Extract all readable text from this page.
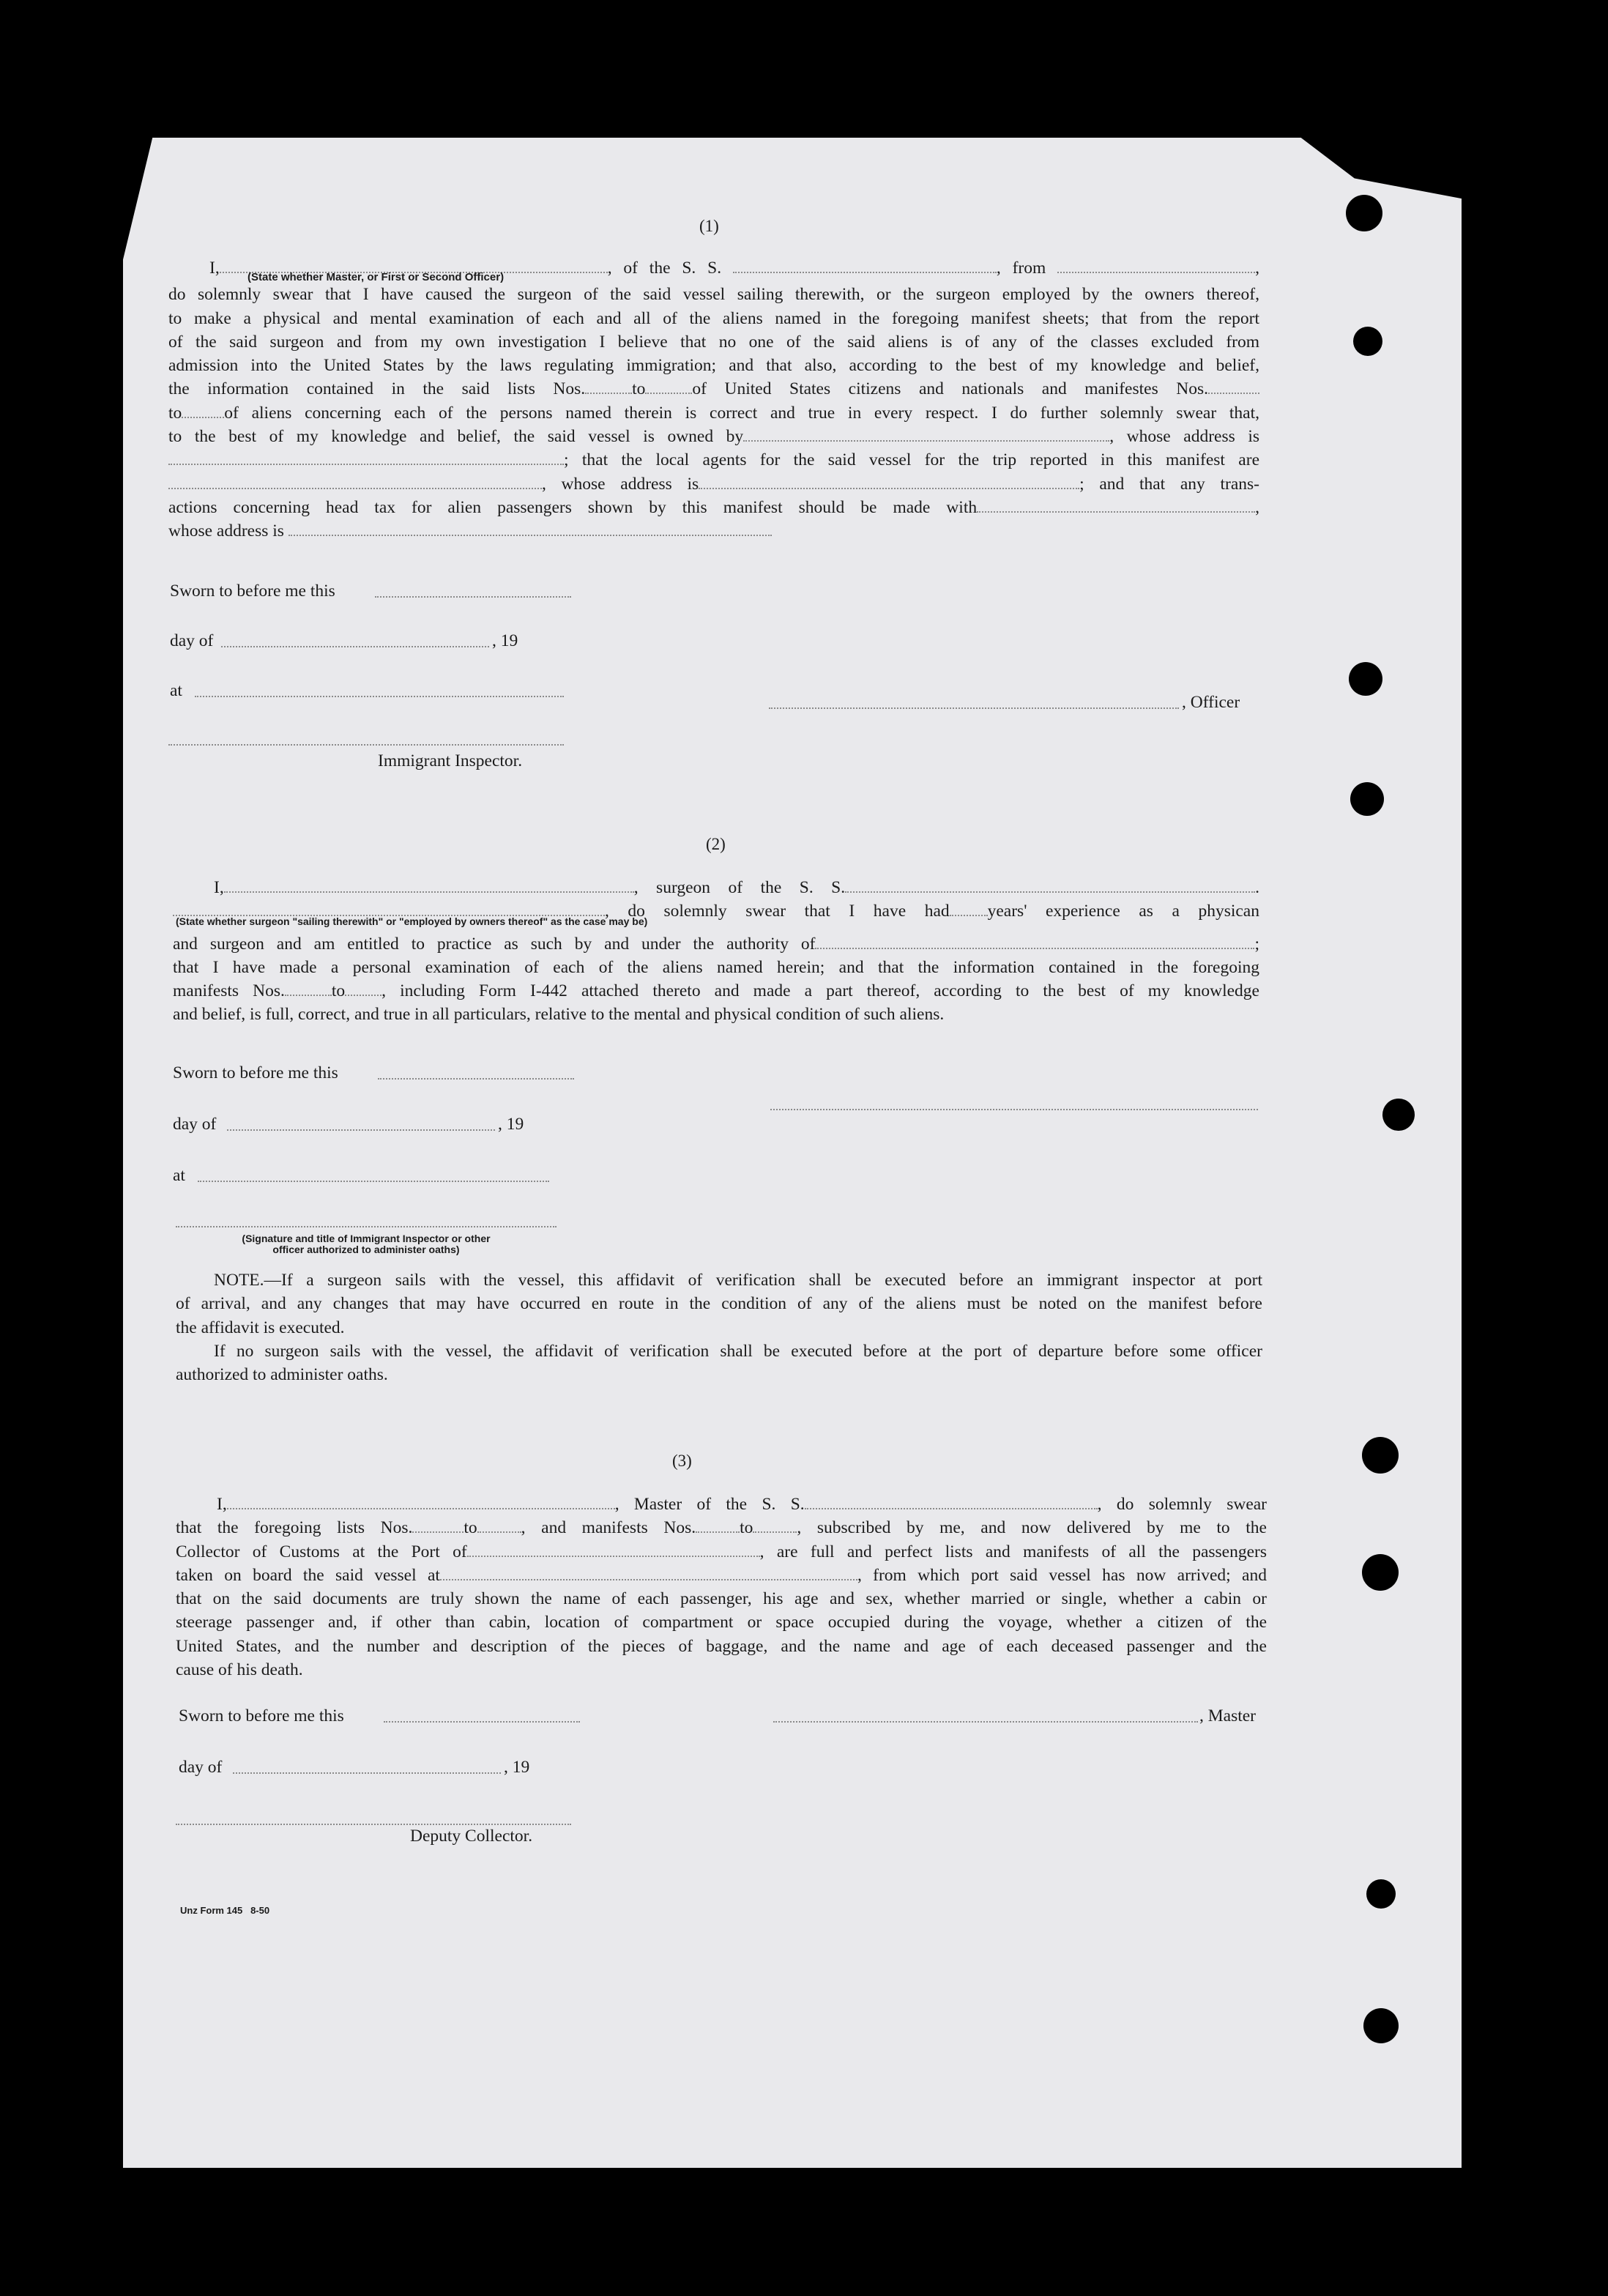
(1)
I,	, of the S. S.	, from	,
(State whether Master, or First or Second Officer)
do solemnly swear that I have caused the surgeon of the said vessel sailing therewith, or the surgeon employed by the owners thereof,
to make a physical and mental examination of each and all of the aliens named in the foregoing manifest sheets; that from the report
of the said surgeon and from my own investigation I believe that no one of the said aliens is of any of the classes excluded from
admission into the United States by the laws regulating immigration; and that also, according to the best of my knowledge and belief,
the information contained in the said lists Nos.	to	of United States citizens and nationals and manifestes Nos.
to of aliens concerning each of the persons named therein is correct and true in every respect. I do further solemnly swear that,
to the best of my knowledge and belief, the said vessel is owned by	, whose address is
; that the local agents for the said vessel for the trip reported in this manifest are
, whose address is	; and that any trans-
actions concerning head tax for alien passengers shown by this manifest should be made with	,
whose address is
Sworn to before me this
day of	, 19
at
, Officer
Immigrant Inspector.
(2)
I,	, surgeon of the S. S.	.
, do solemnly swear that I have had years' experience as a physican
(State whether surgeon "sailing therewith" or "employed by owners thereof" as the case may be)
and surgeon and am entitled to practice as such by and under the authority of	;
that I have made a personal examination of each of the aliens named herein; and that the information contained in the foregoing
manifests Nos.	to , including Form I-442 attached thereto and made a part thereof, according to the best of my knowledge
and belief, is full, correct, and true in all particulars, relative to the mental and physical condition of such aliens.
Sworn to before me this
day of	, 19
at
(Signature and title of Immigrant Inspector or other
officer authorized to administer oaths)
NOTE.—If a surgeon sails with the vessel, this affidavit of verification shall be executed before an immigrant inspector at port
of arrival, and any changes that may have occurred en route in the condition of any of the aliens must be noted on the manifest before
the affidavit is executed.
If no surgeon sails with the vessel, the affidavit of verification shall be executed before at the port of departure before some officer
authorized to administer oaths.
(3)
I,	, Master of the S. S.	, do solemnly swear
that the foregoing lists Nos.	to	, and manifests Nos.	to	, subscribed by me, and now delivered by me to the
Collector of Customs at the Port of	, are full and perfect lists and manifests of all the passengers
taken on board the said vessel at	, from which port said vessel has now arrived; and
that on the said documents are truly shown the name of each passenger, his age and sex, whether married or single, whether a cabin or
steerage passenger and, if other than cabin, location of compartment or space occupied during the voyage, whether a citizen of the
United States, and the number and description of the pieces of baggage, and the name and age of each deceased passenger and the
cause of his death.
Sworn to before me this	, Master
day of	, 19
Deputy Collector.
Unz Form 145   8-50
